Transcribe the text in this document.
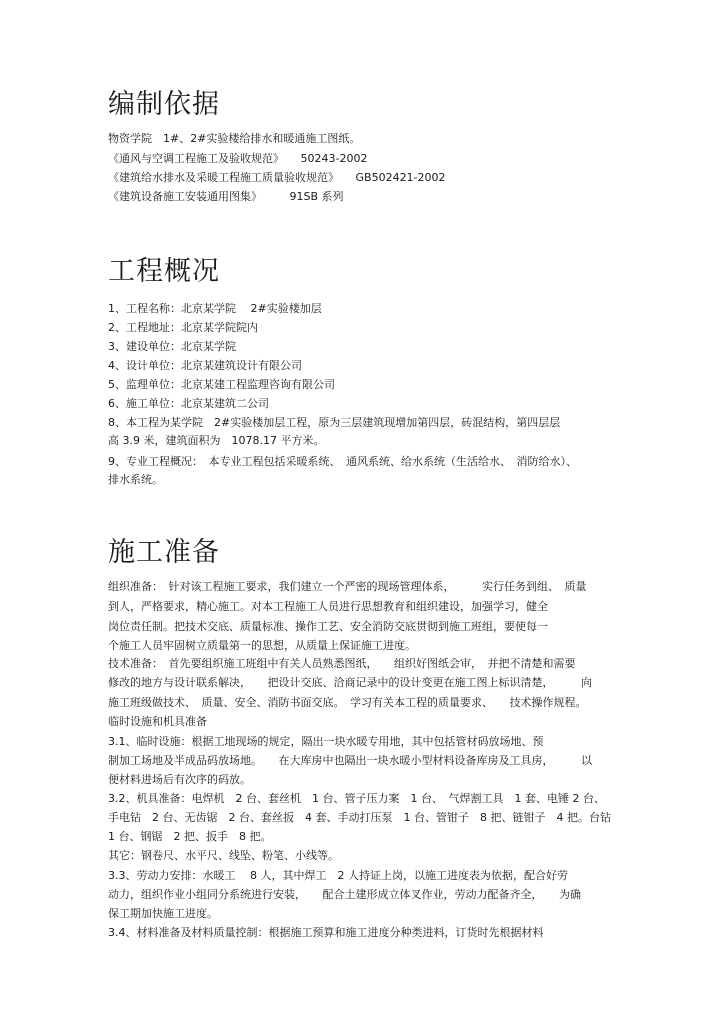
编制依据
物资学院　1#、2#实验楼给排水和暖通施工图纸。
《通风与空调工程施工及验收规范》　　50243-2002
《建筑给水排水及采暖工程施工质量验收规范》　　GB502421-2002
《建筑设备施工安装通用图集》　　　91SB 系列
工程概况
1、工程名称：北京某学院　 2#实验楼加层
2、工程地址：北京某学院院内
3、建设单位：北京某学院
4、设计单位：北京某建筑设计有限公司
5、监理单位：北京某建工程监理咨询有限公司
6、施工单位：北京某建筑二公司
8、本工程为某学院　2#实验楼加层工程，原为三层建筑现增加第四层，砖混结构，第四层层
高 3.9 米，建筑面积为　1078.17 平方米。
9、专业工程概况：　本专业工程包括采暖系统、　通风系统、给水系统（生活给水、　消防给水）、
排水系统。
施工准备
组织准备：　针对该工程施工要求，我们建立一个严密的现场管理体系，　　　实行任务到组、　质量
到人，严格要求，精心施工。对本工程施工人员进行思想教育和组织建设，加强学习，健全
岗位责任制。把技术交底、质量标准、操作工艺、安全消防交底贯彻到施工班组，要使每一
个施工人员牢固树立质量第一的思想，从质量上保证施工进度。
技术准备：　首先要组织施工班组中有关人员熟悉图纸，　　组织好图纸会审，　并把不清楚和需要
修改的地方与设计联系解决，　　把设计交底、洽商记录中的设计变更在施工图上标识清楚，　　　向
施工班级做技术、　质量、安全、消防书面交底。　学习有关本工程的质量要求、　　技术操作规程。
临时设施和机具准备
3.1、临时设施：根据工地现场的规定，隔出一块水暖专用地，其中包括管材码放场地、预
制加工场地及半成品码放场地。　　在大库房中也隔出一块水暖小型材料设备库房及工具房，　　　以
便材料进场后有次序的码放。
3.2、机具准备：电焊机　2 台、套丝机　1 台、管子压力案　1 台、　气焊割工具　1 套、电锤 2 台、
手电钻　2 台、无齿锯　2 台、套丝扳　4 套、手动打压泵　1 台、管钳子　8 把、链钳子　4 把。台钻
1 台、钢锯　2 把、扳手　8 把。
其它：钢卷尺、水平尺、线坠、粉笔、小线等。
3.3、劳动力安排：水暖工　 8 人，其中焊工　2 人持证上岗，以施工进度表为依据，配合好劳
动力，组织作业小组同分系统进行安装，　　配合土建形成立体叉作业，劳动力配备齐全，　　为确
保工期加快施工进度。
3.4、材料准备及材料质量控制：根据施工预算和施工进度分种类进料，订货时先根据材料
